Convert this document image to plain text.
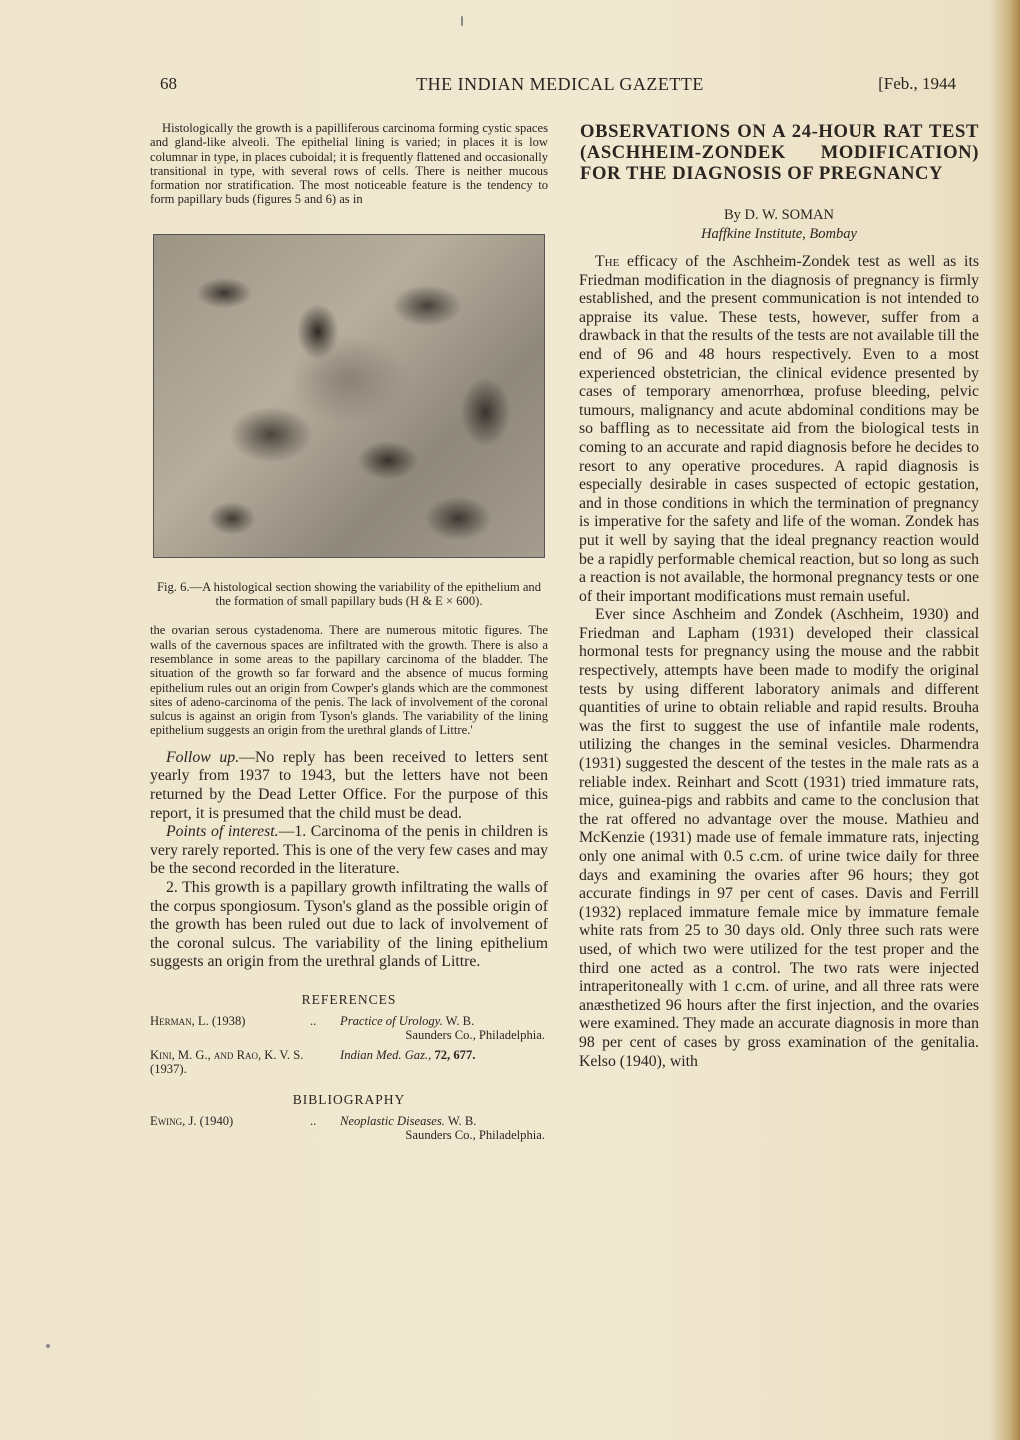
68	THE INDIAN MEDICAL GAZETTE	[Feb., 1944

Histologically the growth is a papilliferous carcinoma forming cystic spaces and gland-like alveoli. The epithelial lining is varied; in places it is low columnar in type, in places cuboidal; it is frequently flattened and occasionally transitional in type, with several rows of cells. There is neither mucous formation nor stratification. The most noticeable feature is the tendency to form papillary buds (figures 5 and 6) as in

Fig. 6.—A histological section showing the variability of the epithelium and the formation of small papillary buds (H & E × 600).

the ovarian serous cystadenoma. There are numerous mitotic figures. The walls of the cavernous spaces are infiltrated with the growth. There is also a resemblance in some areas to the papillary carcinoma of the bladder. The situation of the growth so far forward and the absence of mucus forming epithelium rules out an origin from Cowper's glands which are the commonest sites of adeno-carcinoma of the penis. The lack of involvement of the coronal sulcus is against an origin from Tyson's glands. The variability of the lining epithelium suggests an origin from the urethral glands of Littre.'

Follow up.—No reply has been received to letters sent yearly from 1937 to 1943, but the letters have not been returned by the Dead Letter Office. For the purpose of this report, it is presumed that the child must be dead.

Points of interest.—1. Carcinoma of the penis in children is very rarely reported. This is one of the very few cases and may be the second recorded in the literature.

2. This growth is a papillary growth infiltrating the walls of the corpus spongiosum. Tyson's gland as the possible origin of the growth has been ruled out due to lack of involvement of the coronal sulcus. The variability of the lining epithelium suggests an origin from the urethral glands of Littre.

REFERENCES
Herman, L. (1938)	.. Practice of Urology. W. B.
Saunders Co., Philadelphia.
Kini, M. G., and Rao, K. V. S. (1937).
Indian Med. Gaz., 72, 677.
BIBLIOGRAPHY
Ewing, J. (1940)	.. Neoplastic Diseases. W. B.
Saunders Co., Philadelphia.
OBSERVATIONS ON A 24-HOUR RAT TEST (ASCHHEIM-ZONDEK MODIFICATION) FOR THE DIAGNOSIS OF PREGNANCY
By D. W. SOMAN
Haffkine Institute, Bombay

The efficacy of the Aschheim-Zondek test as well as its Friedman modification in the diagnosis of pregnancy is firmly established, and the present communication is not intended to appraise its value. These tests, however, suffer from a drawback in that the results of the tests are not available till the end of 96 and 48 hours respectively. Even to a most experienced obstetrician, the clinical evidence presented by cases of temporary amenorrhœa, profuse bleeding, pelvic tumours, malignancy and acute abdominal conditions may be so baffling as to necessitate aid from the biological tests in coming to an accurate and rapid diagnosis before he decides to resort to any operative procedures. A rapid diagnosis is especially desirable in cases suspected of ectopic gestation, and in those conditions in which the termination of pregnancy is imperative for the safety and life of the woman. Zondek has put it well by saying that the ideal pregnancy reaction would be a rapidly performable chemical reaction, but so long as such a reaction is not available, the hormonal pregnancy tests or one of their important modifications must remain useful.

Ever since Aschheim and Zondek (Aschheim, 1930) and Friedman and Lapham (1931) developed their classical hormonal tests for pregnancy using the mouse and the rabbit respectively, attempts have been made to modify the original tests by using different laboratory animals and different quantities of urine to obtain reliable and rapid results. Brouha was the first to suggest the use of infantile male rodents, utilizing the changes in the seminal vesicles. Dharmendra (1931) suggested the descent of the testes in the male rats as a reliable index. Reinhart and Scott (1931) tried immature rats, mice, guinea-pigs and rabbits and came to the conclusion that the rat offered no advantage over the mouse. Mathieu and McKenzie (1931) made use of female immature rats, injecting only one animal with 0.5 c.cm. of urine twice daily for three days and examining the ovaries after 96 hours; they got accurate findings in 97 per cent of cases. Davis and Ferrill (1932) replaced immature female mice by immature female white rats from 25 to 30 days old. Only three such rats were used, of which two were utilized for the test proper and the third one acted as a control. The two rats were injected intraperitoneally with 1 c.cm. of urine, and all three rats were anæsthetized 96 hours after the first injection, and the ovaries were examined. They made an accurate diagnosis in more than 98 per cent of cases by gross examination of the genitalia. Kelso (1940), with
